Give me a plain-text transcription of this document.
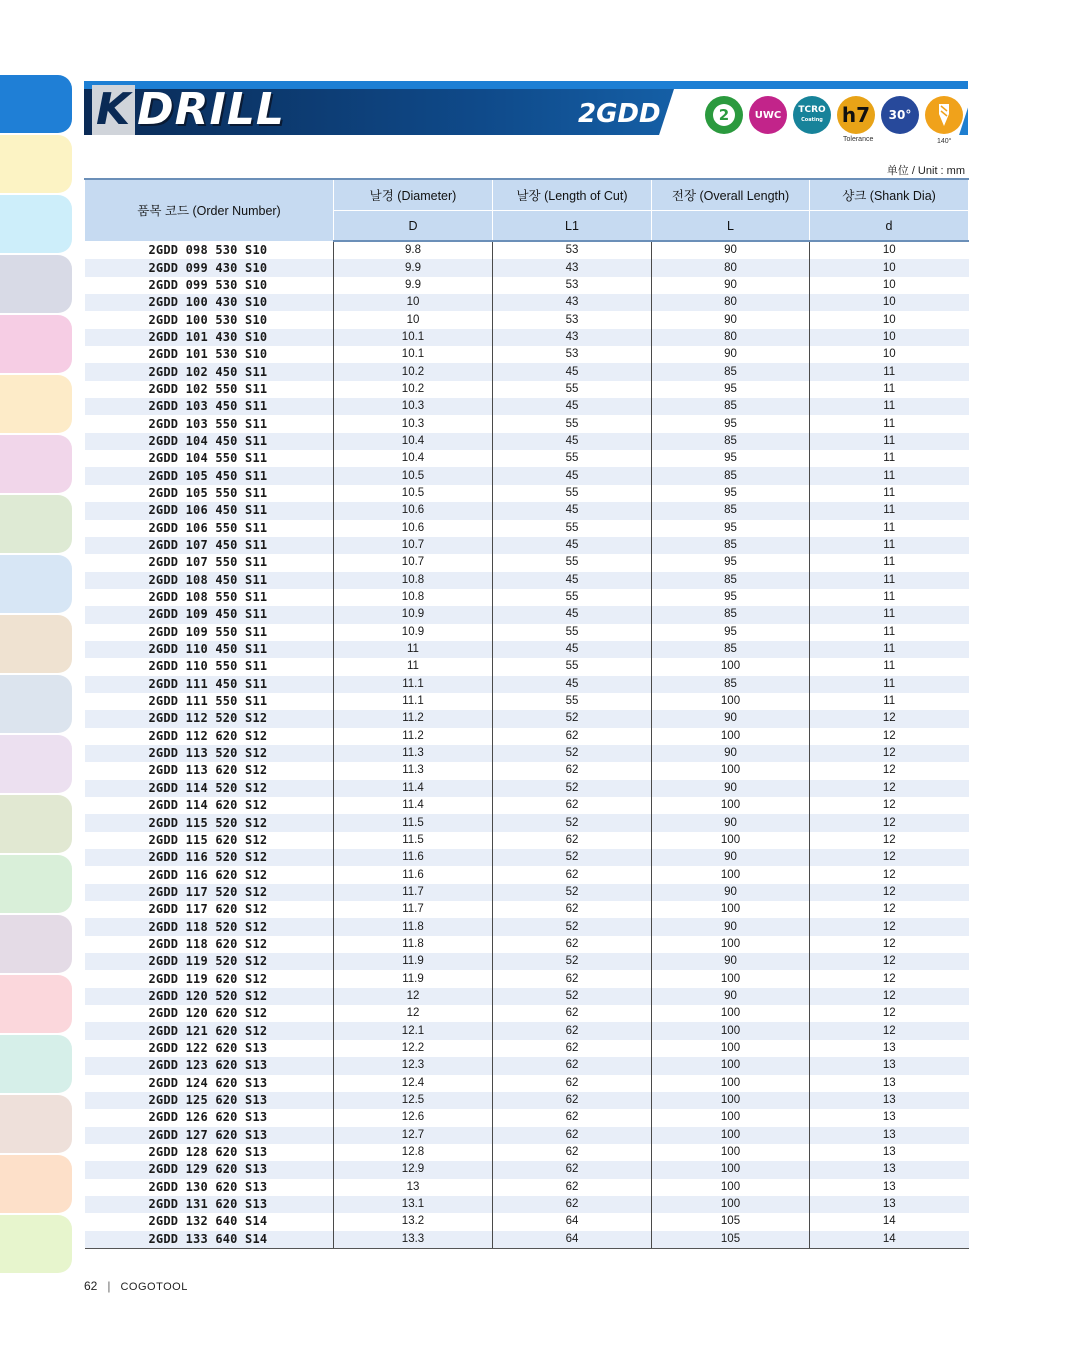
K DRILL	2GDD	2	UWC TCRO
Coating h7
Tolerance
30°
140°
单位 / Unit : mm
품목 코드 (Order Number)	날경 (Diameter)	날장 (Length of Cut)	전장 (Overall Length)	샹크 (Shank Dia)
	D	L1	L	d
2GDD 098 530 S10	9.8	53	90	10
2GDD 099 430 S10	9.9	43	80	10
2GDD 099 530 S10	9.9	53	90	10
2GDD 100 430 S10	10	43	80	10
2GDD 100 530 S10	10	53	90	10
2GDD 101 430 S10	10.1	43	80	10
2GDD 101 530 S10	10.1	53	90	10
2GDD 102 450 S11	10.2	45	85	11
2GDD 102 550 S11	10.2	55	95	11
2GDD 103 450 S11	10.3	45	85	11
2GDD 103 550 S11	10.3	55	95	11
2GDD 104 450 S11	10.4	45	85	11
2GDD 104 550 S11	10.4	55	95	11
2GDD 105 450 S11	10.5	45	85	11
2GDD 105 550 S11	10.5	55	95	11
2GDD 106 450 S11	10.6	45	85	11
2GDD 106 550 S11	10.6	55	95	11
2GDD 107 450 S11	10.7	45	85	11
2GDD 107 550 S11	10.7	55	95	11
2GDD 108 450 S11	10.8	45	85	11
2GDD 108 550 S11	10.8	55	95	11
2GDD 109 450 S11	10.9	45	85	11
2GDD 109 550 S11	10.9	55	95	11
2GDD 110 450 S11	11	45	85	11
2GDD 110 550 S11	11	55	100	11
2GDD 111 450 S11	11.1	45	85	11
2GDD 111 550 S11	11.1	55	100	11
2GDD 112 520 S12	11.2	52	90	12
2GDD 112 620 S12	11.2	62	100	12
2GDD 113 520 S12	11.3	52	90	12
2GDD 113 620 S12	11.3	62	100	12
2GDD 114 520 S12	11.4	52	90	12
2GDD 114 620 S12	11.4	62	100	12
2GDD 115 520 S12	11.5	52	90	12
2GDD 115 620 S12	11.5	62	100	12
2GDD 116 520 S12	11.6	52	90	12
2GDD 116 620 S12	11.6	62	100	12
2GDD 117 520 S12	11.7	52	90	12
2GDD 117 620 S12	11.7	62	100	12
2GDD 118 520 S12	11.8	52	90	12
2GDD 118 620 S12	11.8	62	100	12
2GDD 119 520 S12	11.9	52	90	12
2GDD 119 620 S12	11.9	62	100	12
2GDD 120 520 S12	12	52	90	12
2GDD 120 620 S12	12	62	100	12
2GDD 121 620 S12	12.1	62	100	12
2GDD 122 620 S13	12.2	62	100	13
2GDD 123 620 S13	12.3	62	100	13
2GDD 124 620 S13	12.4	62	100	13
2GDD 125 620 S13	12.5	62	100	13
2GDD 126 620 S13	12.6	62	100	13
2GDD 127 620 S13	12.7	62	100	13
2GDD 128 620 S13	12.8	62	100	13
2GDD 129 620 S13	12.9	62	100	13
2GDD 130 620 S13	13	62	100	13
2GDD 131 620 S13	13.1	62	100	13
2GDD 132 640 S14	13.2	64	105	14
2GDD 133 640 S14	13.3	64	105	14
62 | COGOTOOL
